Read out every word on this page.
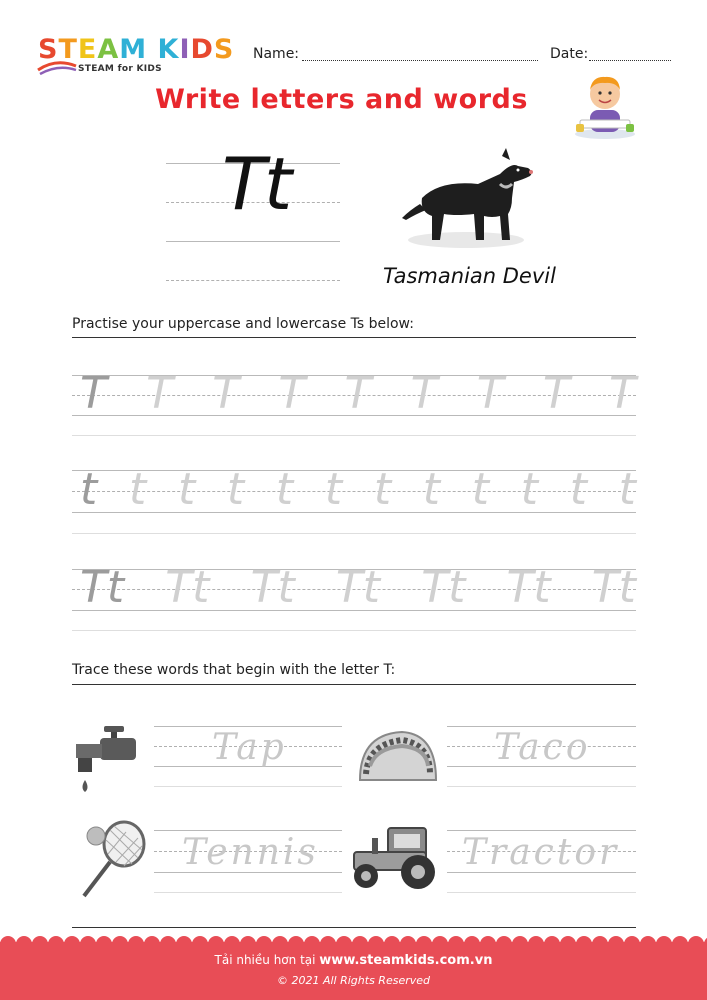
STEAM KIDS
STEAM for KIDS
Name:	Date:
Write letters and words
Tt
Tasmanian Devil
Practise your uppercase and lowercase Ts below:
T T T T T T T T T
t t t t t t t t t t t t
Tt Tt Tt Tt Tt Tt Tt
Trace these words that begin with the letter T:
Tap	Taco
Tennis	Tractor
Tải nhiều hơn tại www.steamkids.com.vn
© 2021 All Rights Reserved
